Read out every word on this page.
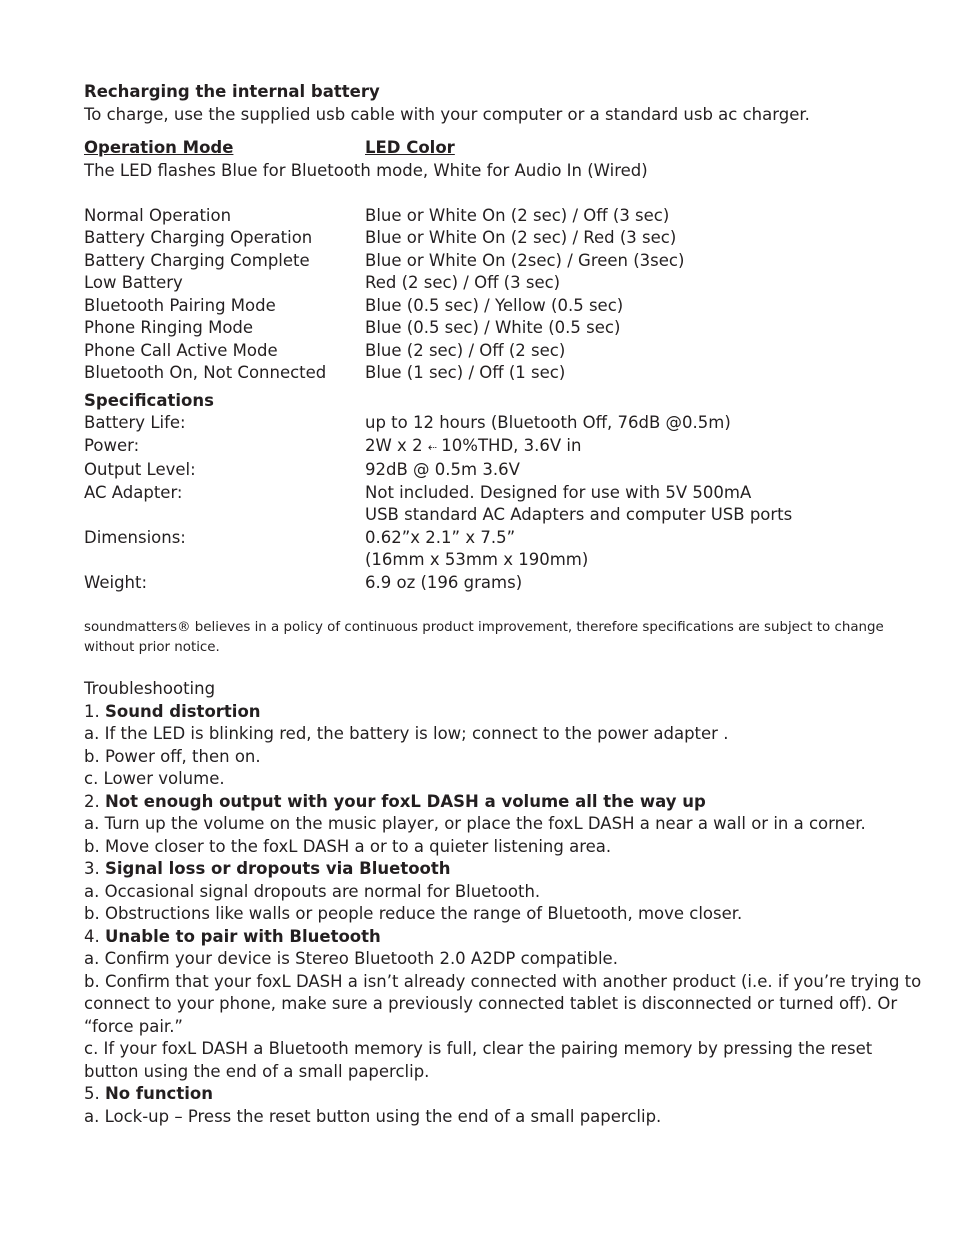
Recharging the internal battery
To charge, use the supplied usb cable with your computer or a standard usb ac charger.
Operation Mode	LED Color
The LED flashes Blue for Bluetooth mode, White for Audio In (Wired)
Normal Operation	Blue or White On (2 sec) / Off (3 sec)
Battery Charging Operation	Blue or White On (2 sec) / Red (3 sec)
Battery Charging Complete	Blue or White On (2sec) / Green (3sec)
Low Battery	Red (2 sec) / Off (3 sec)
Bluetooth Pairing Mode	Blue (0.5 sec) / Yellow (0.5 sec)
Phone Ringing Mode	Blue (0.5 sec) / White (0.5 sec)
Phone Call Active Mode	Blue (2 sec) / Off (2 sec)
Bluetooth On, Not Connected	Blue (1 sec) / Off (1 sec)
Specifications
Battery Life:	up to 12 hours (Bluetooth Off, 76dB @0.5m)
Power:	2W x 2 ⇠ 10%THD, 3.6V in
Output Level:	92dB @ 0.5m 3.6V
AC Adapter:	Not included. Designed for use with 5V 500mA
USB standard AC Adapters and computer USB ports
Dimensions:	0.62”x 2.1” x 7.5”
(16mm x 53mm x 190mm)
Weight:	6.9 oz (196 grams)
soundmatters® believes in a policy of continuous product improvement, therefore specifications are subject to change
without prior notice.
Troubleshooting
1. Sound distortion
a. If the LED is blinking red, the battery is low; connect to the power adapter .
b. Power off, then on.
c. Lower volume.
2. Not enough output with your foxL DASH a volume all the way up
a. Turn up the volume on the music player, or place the foxL DASH a near a wall or in a corner.
b. Move closer to the foxL DASH a or to a quieter listening area.
3. Signal loss or dropouts via Bluetooth
a. Occasional signal dropouts are normal for Bluetooth.
b. Obstructions like walls or people reduce the range of Bluetooth, move closer.
4. Unable to pair with Bluetooth
a. Confirm your device is Stereo Bluetooth 2.0 A2DP compatible.
b. Confirm that your foxL DASH a isn’t already connected with another product (i.e. if you’re trying to
connect to your phone, make sure a previously connected tablet is disconnected or turned off). Or
“force pair.”
c. If your foxL DASH a Bluetooth memory is full, clear the pairing memory by pressing the reset
button using the end of a small paperclip.
5. No function
a. Lock-up – Press the reset button using the end of a small paperclip.
